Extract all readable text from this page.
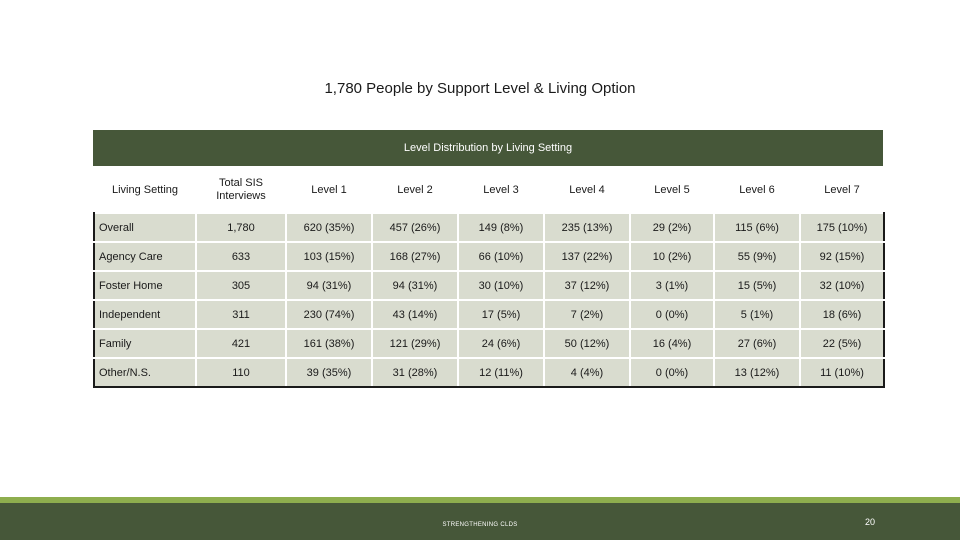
1,780 People by Support Level & Living Option
Level Distribution by Living Setting
Living Setting	Total SIS Interviews	Level 1	Level 2	Level 3	Level 4	Level 5	Level 6	Level 7
Overall	1,780	620 (35%)	457 (26%)	149 (8%)	235 (13%)	29 (2%)	115 (6%)	175 (10%)
Agency Care	633	103 (15%)	168 (27%)	66 (10%)	137 (22%)	10 (2%)	55 (9%)	92 (15%)
Foster Home	305	94 (31%)	94 (31%)	30 (10%)	37 (12%)	3 (1%)	15 (5%)	32 (10%)
Independent	311	230 (74%)	43 (14%)	17 (5%)	7 (2%)	0 (0%)	5 (1%)	18 (6%)
Family	421	161 (38%)	121 (29%)	24 (6%)	50 (12%)	16 (4%)	27 (6%)	22 (5%)
Other/N.S.	110	39 (35%)	31 (28%)	12 (11%)	4 (4%)	0 (0%)	13 (12%)	11 (10%)
STRENGTHENING CLDS	20
